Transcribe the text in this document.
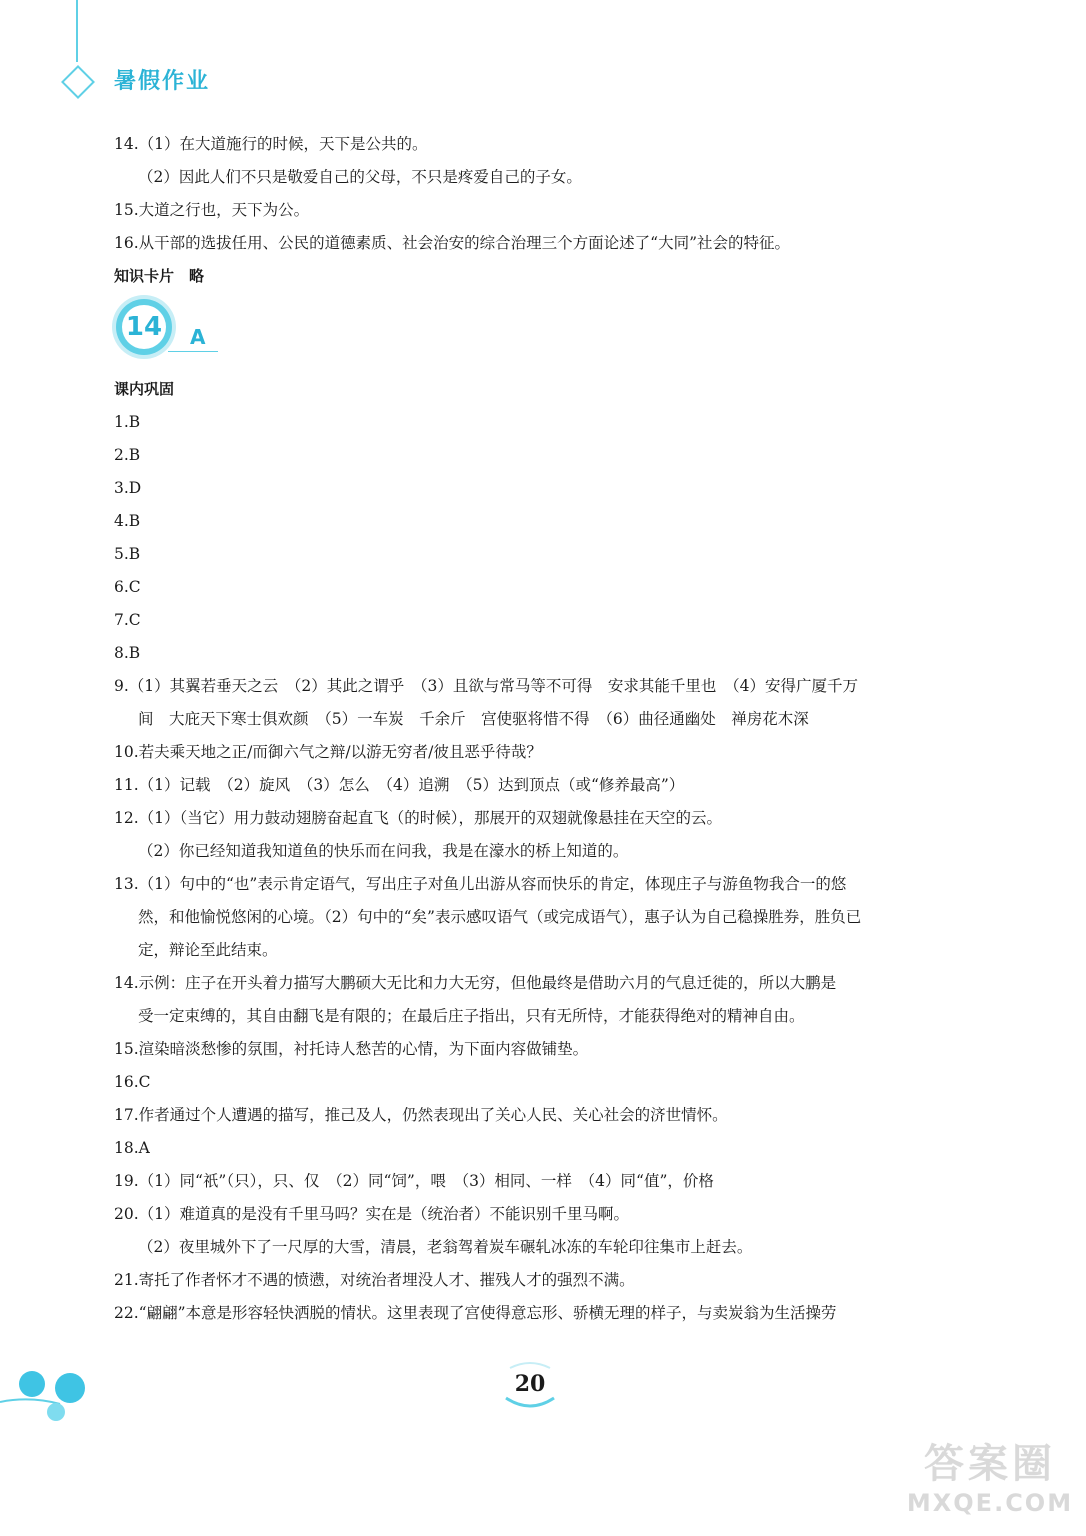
暑假作业
14.（1）在大道施行的时候，天下是公共的。
（2）因此人们不只是敬爱自己的父母，不只是疼爱自己的子女。
15.大道之行也，天下为公。
16.从干部的选拔任用、公民的道德素质、社会治安的综合治理三个方面论述了“大同”社会的特征。
知识卡片　略
14 A
课内巩固
1.B
2.B
3.D
4.B
5.B
6.C
7.C
8.B
9.（1）其翼若垂天之云　（2）其此之谓乎　（3）且欲与常马等不可得　安求其能千里也　（4）安得广厦千万
间　大庇天下寒士俱欢颜　（5）一车炭　千余斤　宫使驱将惜不得　（6）曲径通幽处　禅房花木深
10.若夫乘天地之正/而御六气之辩/以游无穷者/彼且恶乎待哉？
11.（1）记载　（2）旋风　（3）怎么　（4）追溯　（5）达到顶点（或“修养最高”）
12.（1）（当它）用力鼓动翅膀奋起直飞（的时候），那展开的双翅就像悬挂在天空的云。
（2）你已经知道我知道鱼的快乐而在问我，我是在濠水的桥上知道的。
13.（1）句中的“也”表示肯定语气，写出庄子对鱼儿出游从容而快乐的肯定，体现庄子与游鱼物我合一的悠
然，和他愉悦悠闲的心境。（2）句中的“矣”表示感叹语气（或完成语气），惠子认为自己稳操胜券，胜负已
定，辩论至此结束。
14.示例：庄子在开头着力描写大鹏硕大无比和力大无穷，但他最终是借助六月的气息迁徙的，所以大鹏是
受一定束缚的，其自由翻飞是有限的；在最后庄子指出，只有无所恃，才能获得绝对的精神自由。
15.渲染暗淡愁惨的氛围，衬托诗人愁苦的心情，为下面内容做铺垫。
16.C
17.作者通过个人遭遇的描写，推己及人，仍然表现出了关心人民、关心社会的济世情怀。
18.A
19.（1）同“祇”（只），只、仅　（2）同“饲”，喂　（3）相同、一样　（4）同“值”，价格
20.（1）难道真的是没有千里马吗？实在是（统治者）不能识别千里马啊。
（2）夜里城外下了一尺厚的大雪，清晨，老翁驾着炭车碾轧冰冻的车轮印往集市上赶去。
21.寄托了作者怀才不遇的愤懑，对统治者埋没人才、摧残人才的强烈不满。
22.“翩翩”本意是形容轻快洒脱的情状。这里表现了宫使得意忘形、骄横无理的样子，与卖炭翁为生活操劳
20
答案圈
MXQE.COM
